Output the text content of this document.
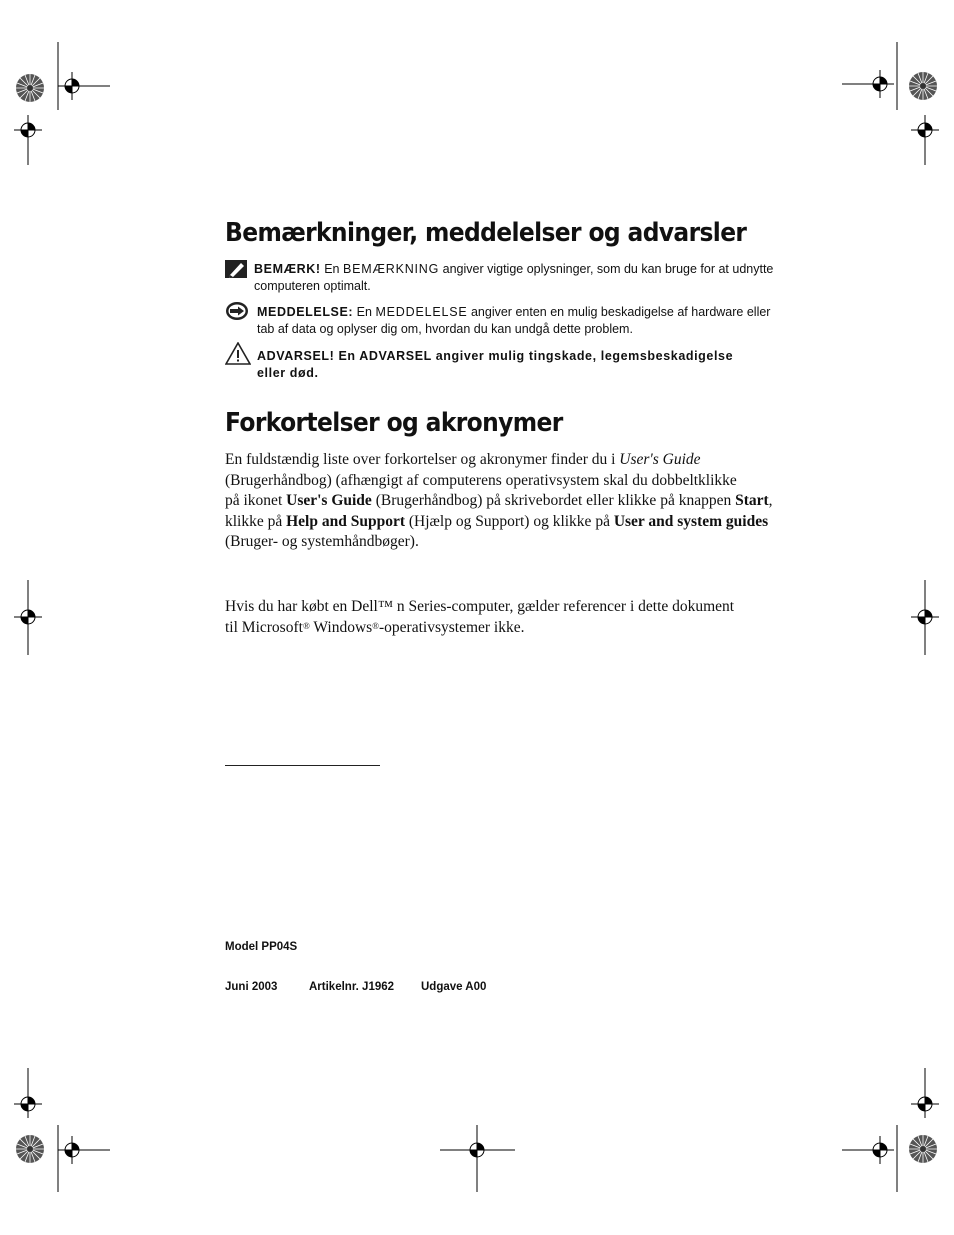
Bemærkninger, meddelelser og advarsler
BEMÆRK! En BEMÆRKNING angiver vigtige oplysninger, som du kan bruge for at udnytte
computeren optimalt.
MEDDELELSE: En MEDDELELSE angiver enten en mulig beskadigelse af hardware eller
tab af data og oplyser dig om, hvordan du kan undgå dette problem.
ADVARSEL! En ADVARSEL angiver mulig tingskade, legemsbeskadigelse
eller død.
Forkortelser og akronymer
En fuldstændig liste over forkortelser og akronymer finder du i User's Guide
(Brugerhåndbog) (afhængigt af computerens operativsystem skal du dobbeltklikke
på ikonet User's Guide (Brugerhåndbog) på skrivebordet eller klikke på knappen Start,
klikke på Help and Support (Hjælp og Support) og klikke på User and system guides
(Bruger- og systemhåndbøger).
Hvis du har købt en Dell™ n Series-computer, gælder referencer i dette dokument
til Microsoft® Windows®-operativsystemer ikke.
Model PP04S
Juni 2003	Artikelnr. J1962 Udgave A00
